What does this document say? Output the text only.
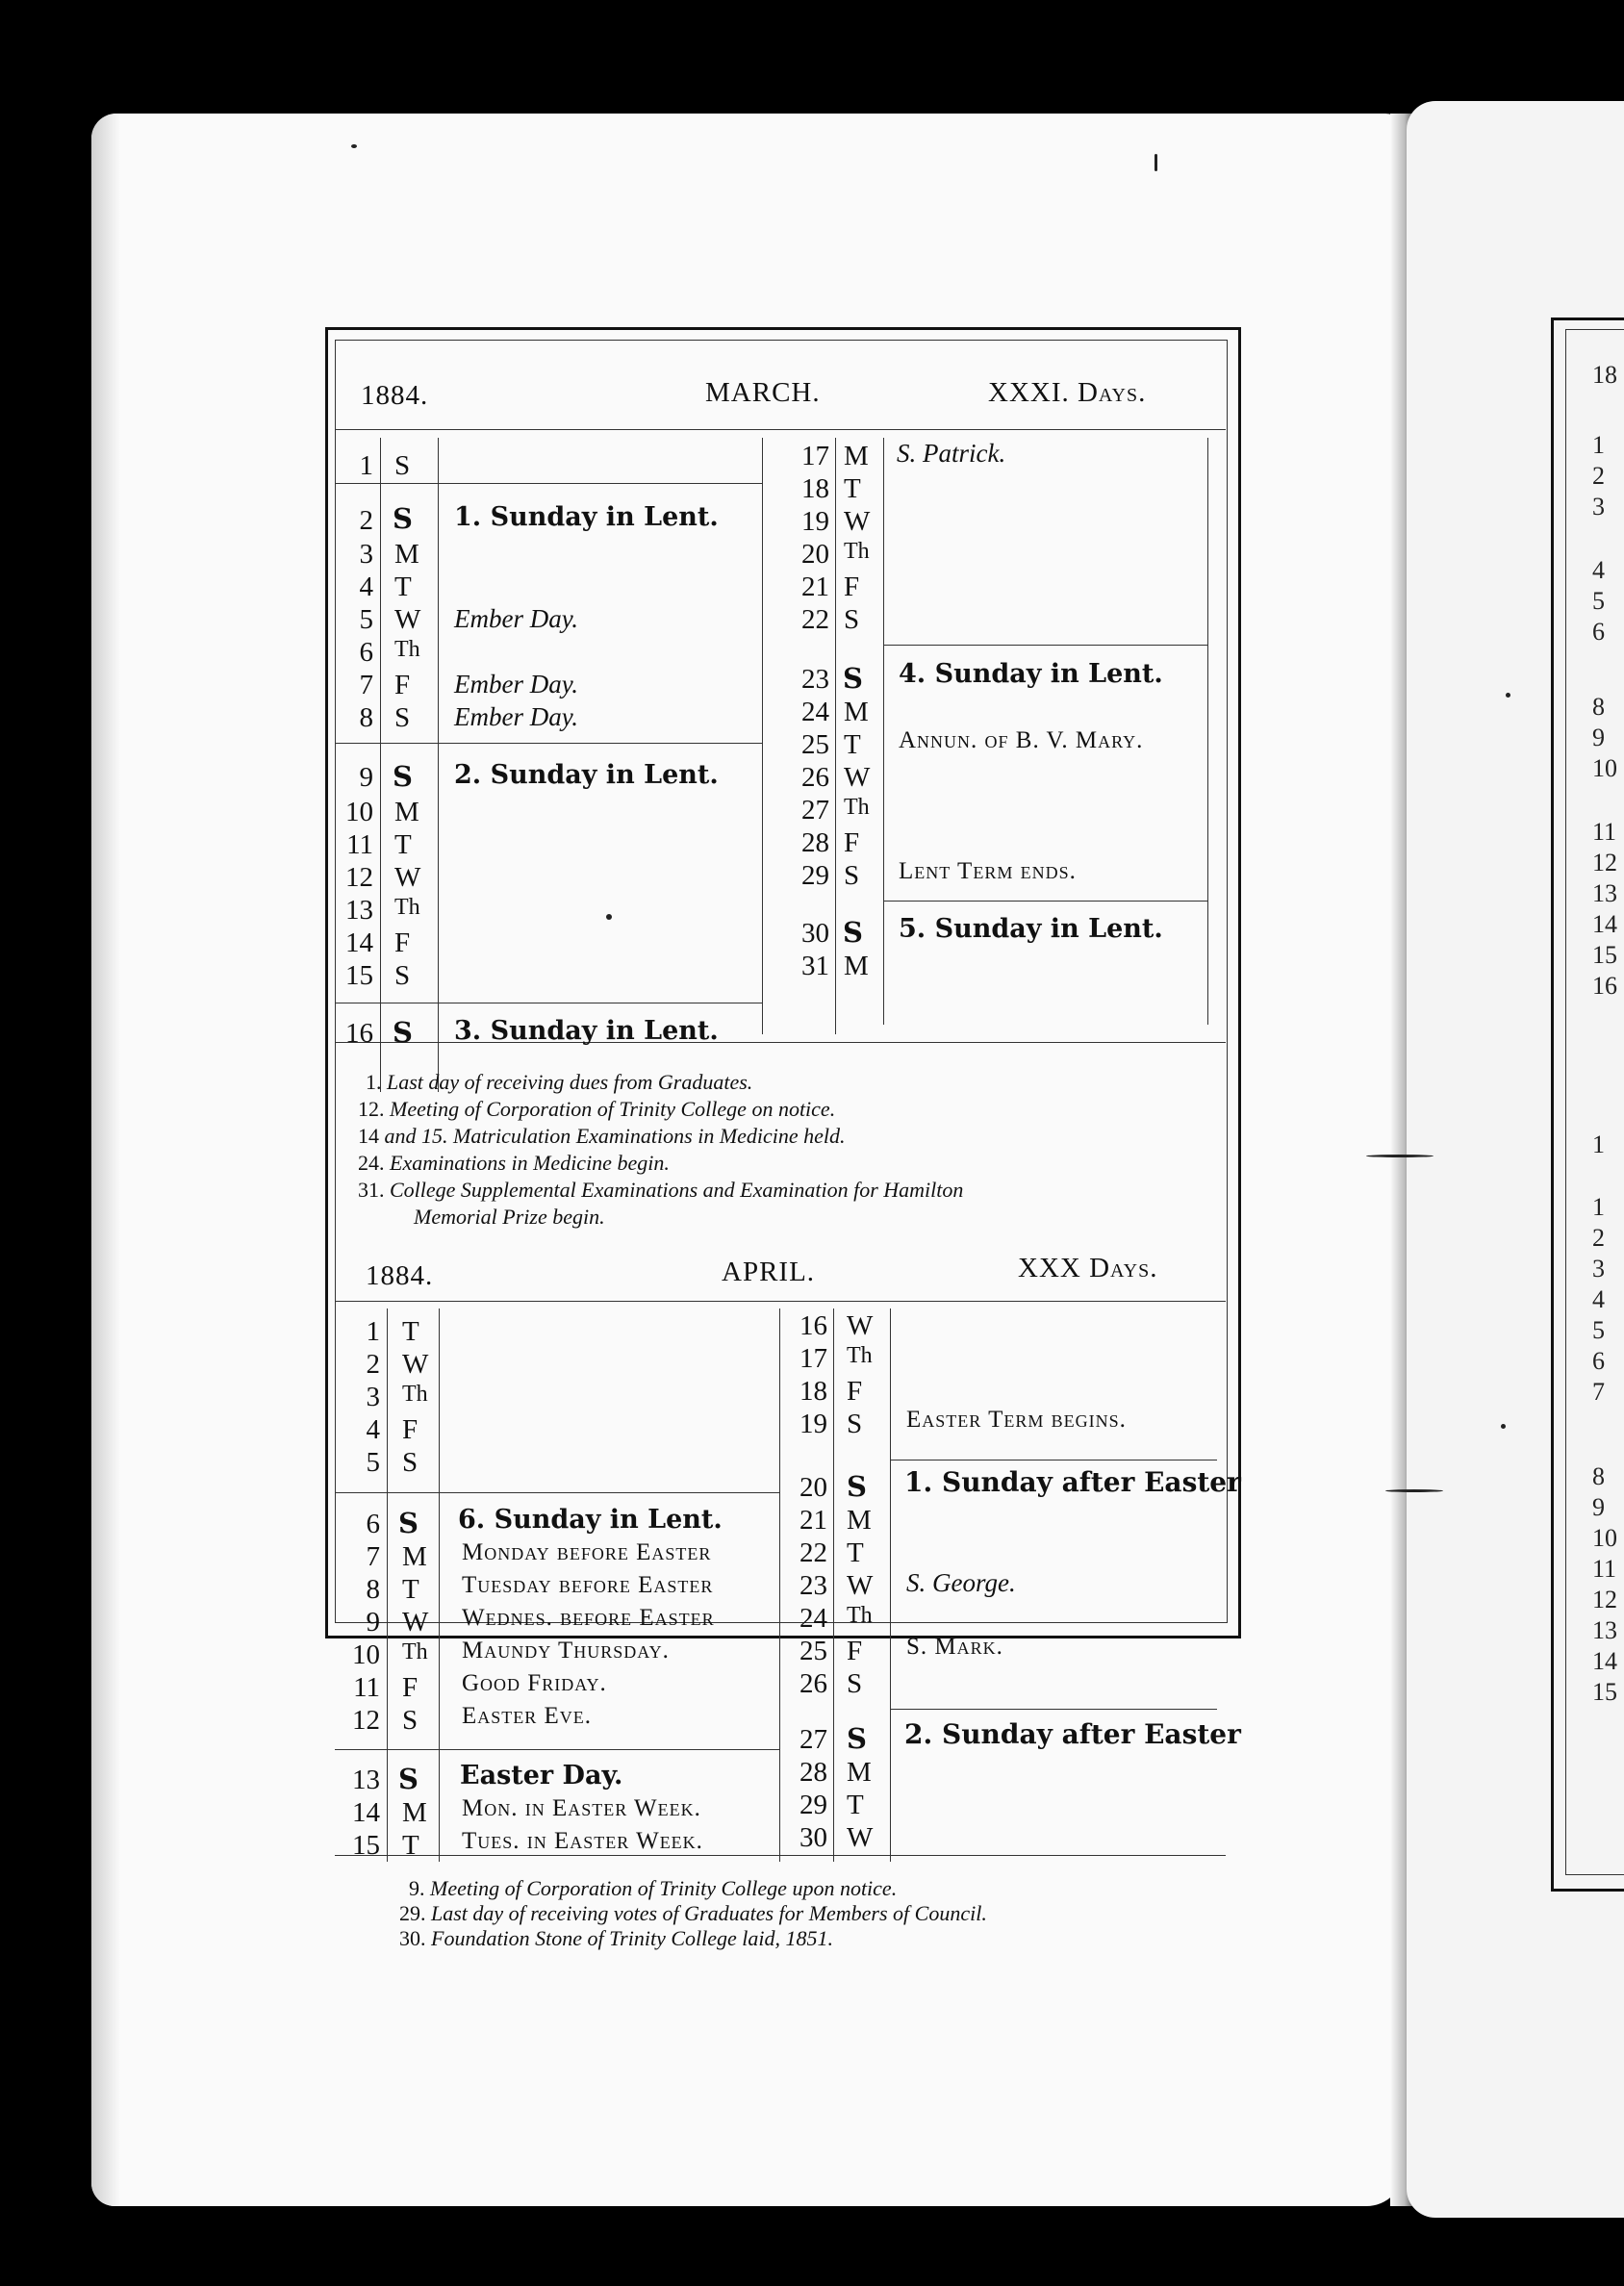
18
1
2
3
4
5
6
8
9
10
11
12
13
14
15
16
1
1
2
3
4
5
6
7
8
9
10
11
12
13
14
15
1884.	MARCH.	XXXI. Days.
1 S
2 S 1. Sunday in Lent.
3 M
4 T
5 W Ember Day.
6 Th
7 F Ember Day.
8 S Ember Day.
9 S 2. Sunday in Lent.
10 M
11 T
12 W
13 Th
14 F
15 S
16 S 3. Sunday in Lent.
17 M S. Patrick.
18 T
19 W
20 Th
21 F
22 S
23 S 4. Sunday in Lent.
24 M
25 T Annun. of B. V. Mary.
26 W
27 Th
28 F
29 S Lent Term ends.
30 S 5. Sunday in Lent.
31 M
1. Last day of receiving dues from Graduates.
12. Meeting of Corporation of Trinity College on notice.
14 and 15. Matriculation Examinations in Medicine held.
24. Examinations in Medicine begin.
31. College Supplemental Examinations and Examination for Hamilton
Memorial Prize begin.
1884.	APRIL.	XXX Days.
1 T
2 W
3 Th
4 F
5 S
6 S 6. Sunday in Lent.
7 M Monday before Easter
8 T Tuesday before Easter
9 W Wednes. before Easter
10 Th Maundy Thursday.
11 F Good Friday.
12 S Easter Eve.
13 S Easter Day.
14 M Mon. in Easter Week.
15 T Tues. in Easter Week.
16 W
17 Th
18 F
19 S Easter Term begins.
20 S 1. Sunday after Easter
21 M
22 T
23 W S. George.
24 Th
25 F S. Mark.
26 S
27 S 2. Sunday after Easter
28 M
29 T
30 W
9. Meeting of Corporation of Trinity College upon notice.
29. Last day of receiving votes of Graduates for Members of Council.
30. Foundation Stone of Trinity College laid, 1851.
